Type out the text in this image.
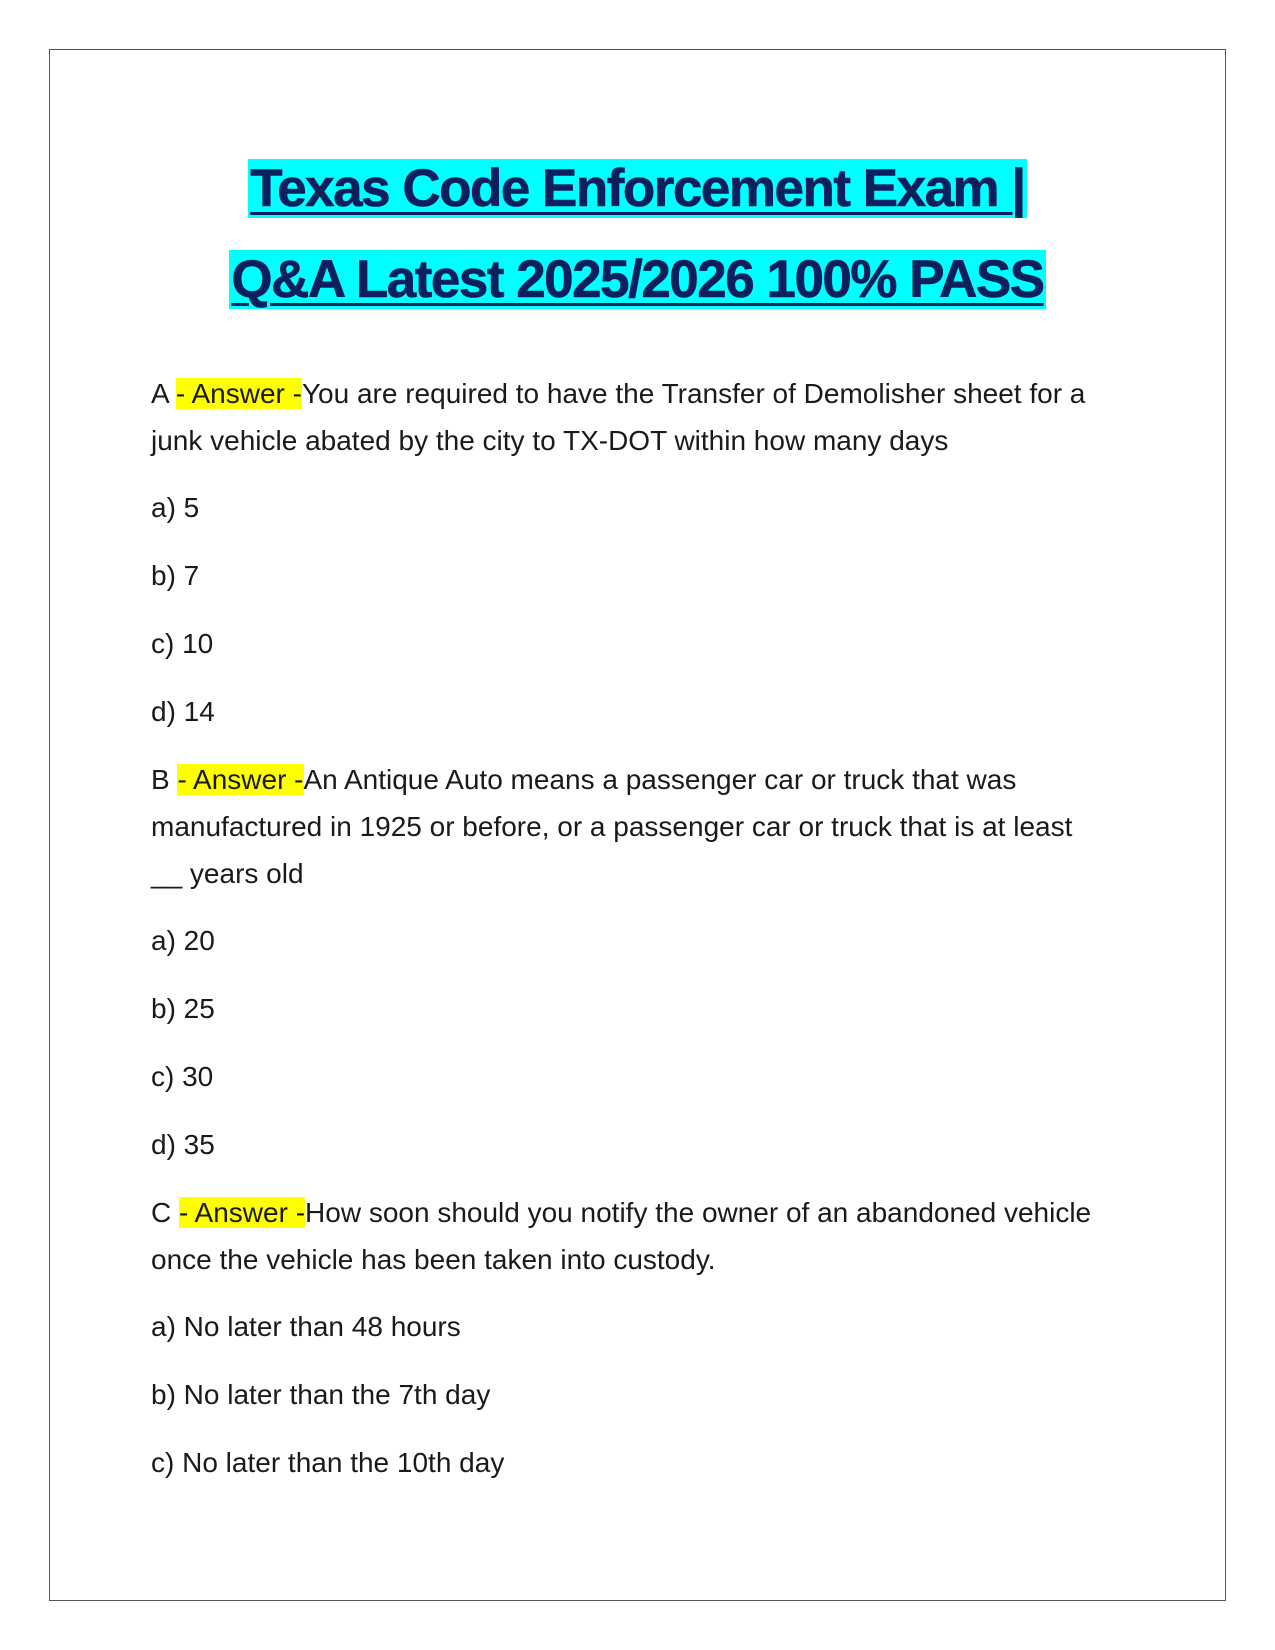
Texas Code Enforcement Exam |
Q&A Latest 2025/2026 100% PASS

A - Answer -You are required to have the Transfer of Demolisher sheet for a junk vehicle abated by the city to TX-DOT within how many days

a) 5

b) 7

c) 10

d) 14

B - Answer -An Antique Auto means a passenger car or truck that was manufactured in 1925 or before, or a passenger car or truck that is at least __ years old

a) 20

b) 25

c) 30

d) 35

C - Answer -How soon should you notify the owner of an abandoned vehicle once the vehicle has been taken into custody.

a) No later than 48 hours

b) No later than the 7th day

c) No later than the 10th day
